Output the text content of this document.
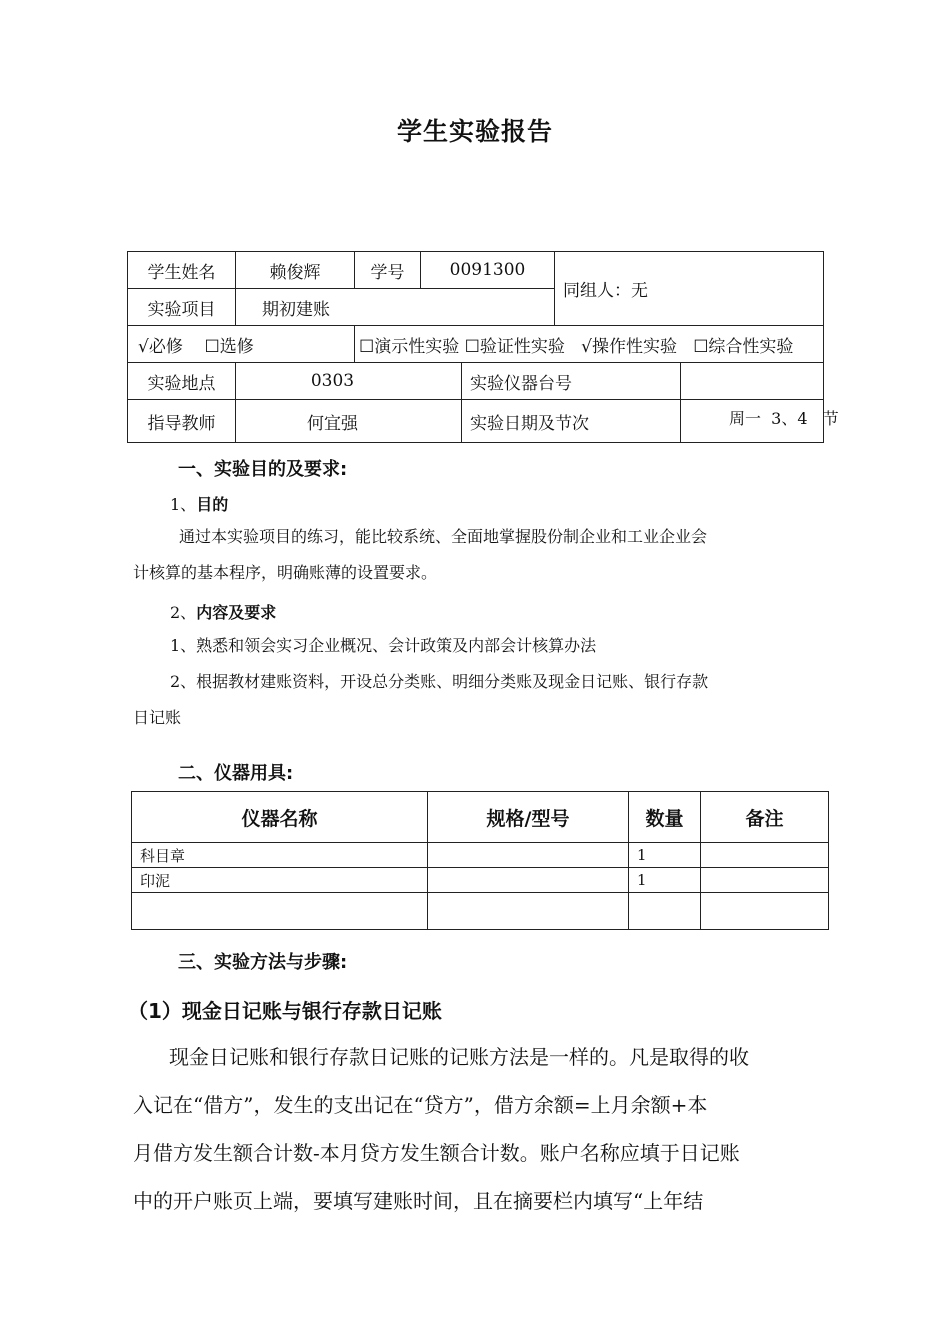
学生实验报告
学生姓名	赖俊辉	学号	0091300		同组人：无	
实验项目	期初建账					
√必修 ☐选修		☐演示性实验 ☐验证性实验 √操作性实验 ☐综合性实验				
实验地点	0303			实验仪器台号		
指导教师	何宜强			实验日期及节次		周一  3、4   节
一、实验目的及要求:
1、目的
通过本实验项目的练习，能比较系统、全面地掌握股份制企业和工业企业会
计核算的基本程序，明确账薄的设置要求。
2、内容及要求
1、熟悉和领会实习企业概况、会计政策及内部会计核算办法
2、根据教材建账资料，开设总分类账、明细分类账及现金日记账、银行存款
日记账
二、仪器用具:
仪器名称	规格/型号	数量	备注
科目章		1	
印泥		1	

三、实验方法与步骤:
（1）现金日记账与银行存款日记账
现金日记账和银行存款日记账的记账方法是一样的。凡是取得的收
入记在“借方”，发生的支出记在“贷方”，借方余额=上月余额+本
月借方发生额合计数-本月贷方发生额合计数。账户名称应填于日记账
中的开户账页上端，要填写建账时间，且在摘要栏内填写“上年结
